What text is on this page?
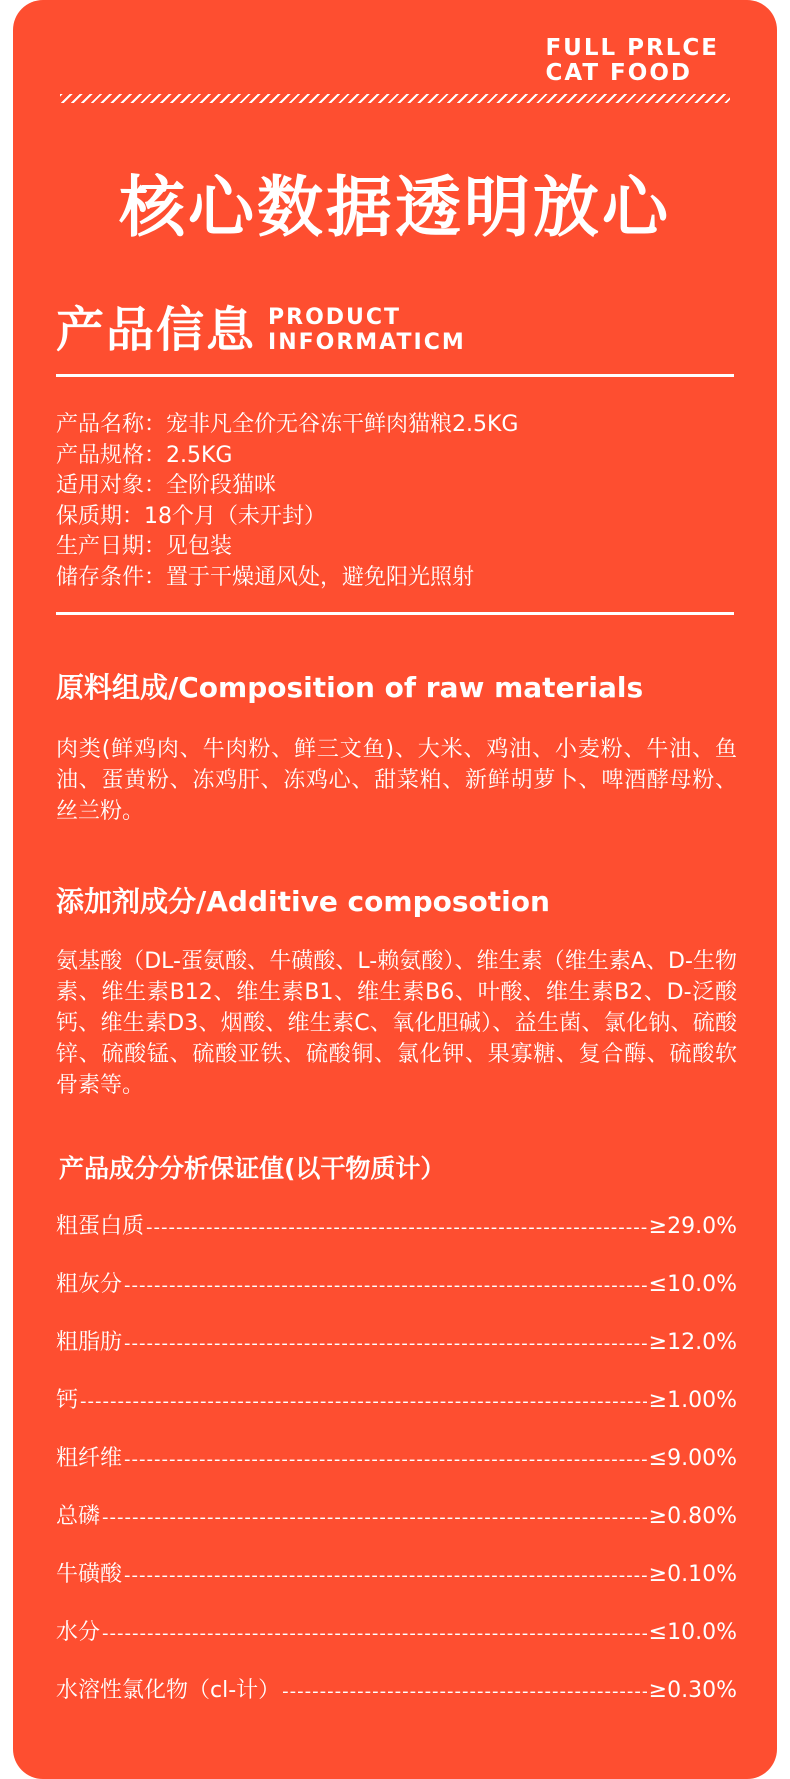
FULL PRLCE
CAT FOOD
核心数据透明放心
产品信息 PRODUCT
INFORMATICM
产品名称：宠非凡全价无谷冻干鲜肉猫粮2.5KG
产品规格：2.5KG
适用对象：全阶段猫咪
保质期：18个月（未开封）
生产日期：见包装
储存条件：置于干燥通风处，避免阳光照射
原料组成/Composition of raw materials
肉类(鲜鸡肉、牛肉粉、鲜三文鱼)、大米、鸡油、小麦粉、牛油、鱼油、蛋黄粉、冻鸡肝、冻鸡心、甜菜粕、新鲜胡萝卜、啤酒酵母粉、丝兰粉。
添加剂成分/Additive composotion
氨基酸（DL-蛋氨酸、牛磺酸、L-赖氨酸）、维生素（维生素A、D-生物素、维生素B12、维生素B1、维生素B6、叶酸、维生素B2、D-泛酸钙、维生素D3、烟酸、维生素C、氧化胆碱）、益生菌、氯化钠、硫酸锌、硫酸锰、硫酸亚铁、硫酸铜、氯化钾、果寡糖、复合酶、硫酸软骨素等。
产品成分分析保证值(以干物质计）
粗蛋白质 -----	≥29.0%
粗灰分 -----	≤10.0%
粗脂肪 -----	≥12.0%
钙 -----	≥1.00%
粗纤维 -----	≤9.00%
总磷 -----	≥0.80%
牛磺酸 -----	≥0.10%
水分 -----	≤10.0%
水溶性氯化物（cl-计） -----	≥0.30%
